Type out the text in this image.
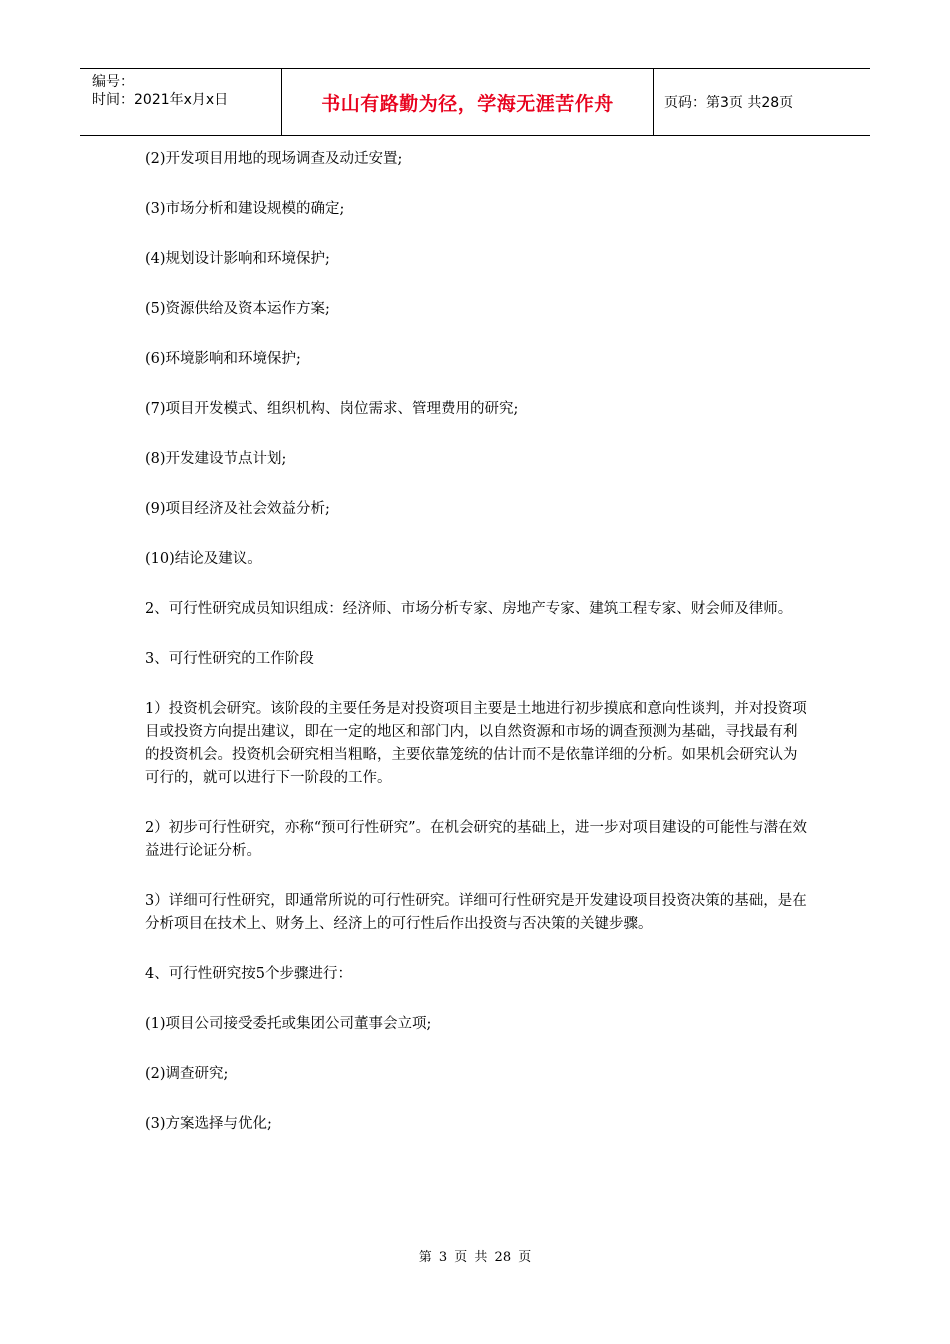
编号：
时间：2021年x月x日	书山有路勤为径，学海无涯苦作舟	页码：第3页 共28页

(2)开发项目用地的现场调查及动迁安置;

(3)市场分析和建设规模的确定;

(4)规划设计影响和环境保护;

(5)资源供给及资本运作方案;

(6)环境影响和环境保护;

(7)项目开发模式、组织机构、岗位需求、管理费用的研究;

(8)开发建设节点计划;

(9)项目经济及社会效益分析;

(10)结论及建议。

2、可行性研究成员知识组成：经济师、市场分析专家、房地产专家、建筑工程专家、财会师及律师。

3、可行性研究的工作阶段

1）投资机会研究。该阶段的主要任务是对投资项目主要是土地进行初步摸底和意向性谈判，并对投资项目或投资方向提出建议，即在一定的地区和部门内，以自然资源和市场的调查预测为基础，寻找最有利的投资机会。投资机会研究相当粗略，主要依靠笼统的估计而不是依靠详细的分析。如果机会研究认为可行的，就可以进行下一阶段的工作。

2）初步可行性研究，亦称“预可行性研究”。在机会研究的基础上，进一步对项目建设的可能性与潜在效益进行论证分析。

3）详细可行性研究，即通常所说的可行性研究。详细可行性研究是开发建设项目投资决策的基础，是在分析项目在技术上、财务上、经济上的可行性后作出投资与否决策的关键步骤。

4、可行性研究按5个步骤进行：

(1)项目公司接受委托或集团公司董事会立项;

(2)调查研究;

(3)方案选择与优化;

第 3 页 共 28 页
